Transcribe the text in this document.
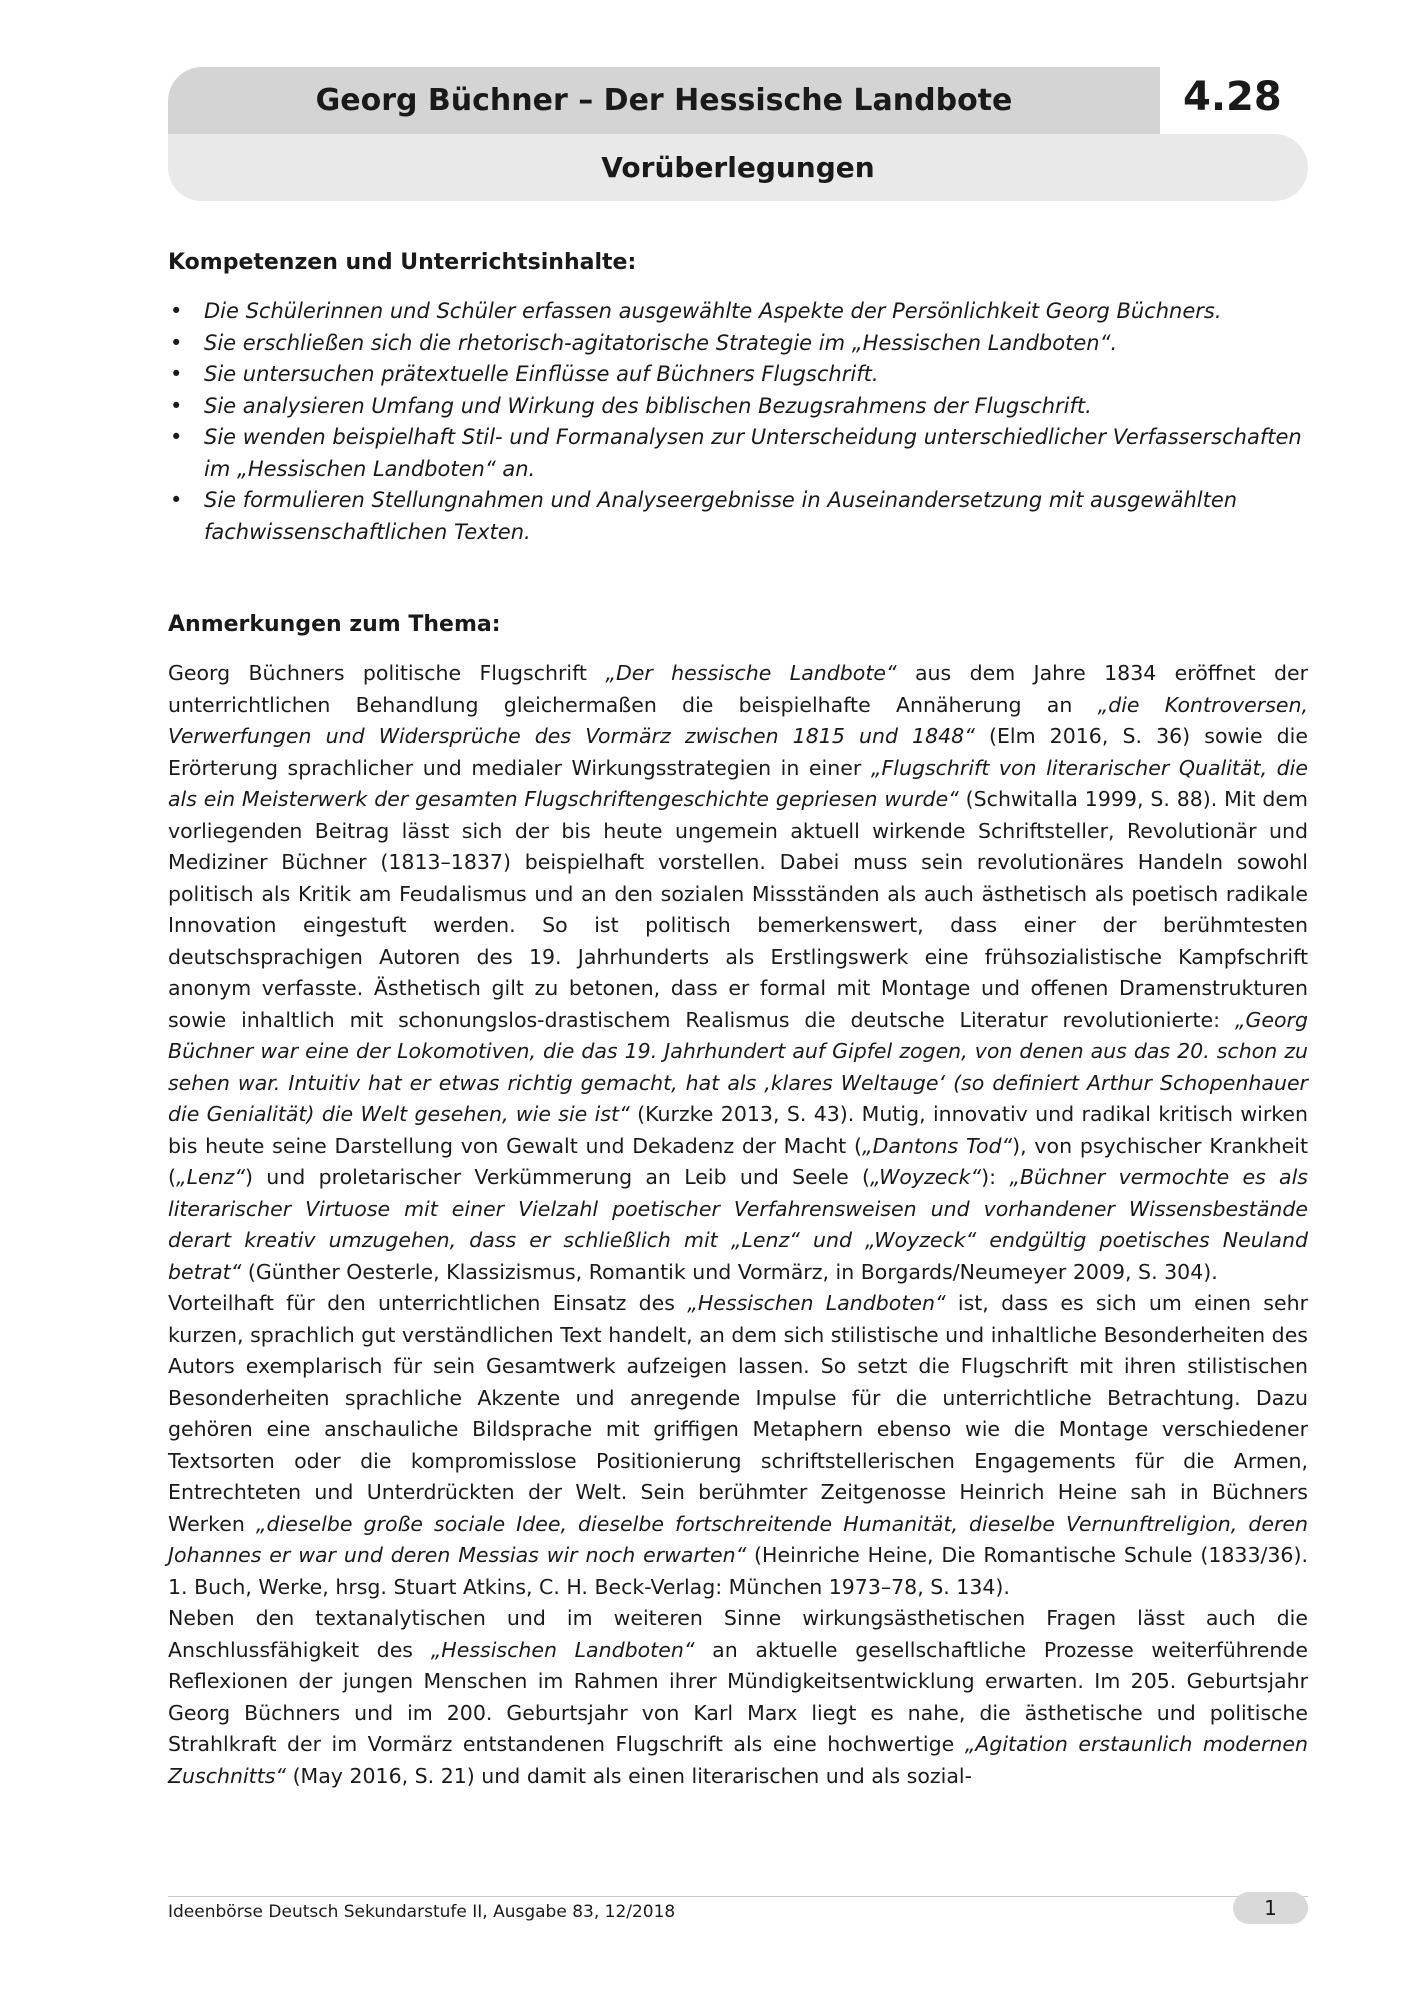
Georg Büchner – Der Hessische Landbote	4.28
Vorüberlegungen
Kompetenzen und Unterrichtsinhalte:
• Die Schülerinnen und Schüler erfassen ausgewählte Aspekte der Persönlichkeit Georg Büchners.
• Sie erschließen sich die rhetorisch-agitatorische Strategie im „Hessischen Landboten“.
• Sie untersuchen prätextuelle Einflüsse auf Büchners Flugschrift.
• Sie analysieren Umfang und Wirkung des biblischen Bezugsrahmens der Flugschrift.
• Sie wenden beispielhaft Stil- und Formanalysen zur Unterscheidung unterschiedlicher Verfasserschaften im „Hessischen Landboten“ an.
• Sie formulieren Stellungnahmen und Analyseergebnisse in Auseinandersetzung mit ausgewählten fachwissenschaftlichen Texten.
Anmerkungen zum Thema:

Georg Büchners politische Flugschrift „Der hessische Landbote“ aus dem Jahre 1834 eröffnet der unterrichtlichen Behandlung gleichermaßen die beispielhafte Annäherung an „die Kontroversen, Verwerfungen und Widersprüche des Vormärz zwischen 1815 und 1848“ (Elm 2016, S. 36) sowie die Erörterung sprachlicher und medialer Wirkungsstrategien in einer „Flugschrift von literarischer Qualität, die als ein Meisterwerk der gesamten Flugschriftengeschichte gepriesen wurde“ (Schwitalla 1999, S. 88). Mit dem vorliegenden Beitrag lässt sich der bis heute ungemein aktuell wirkende Schriftsteller, Revolutionär und Mediziner Büchner (1813–1837) beispielhaft vorstellen. Dabei muss sein revolutionäres Handeln sowohl politisch als Kritik am Feudalismus und an den sozialen Missständen als auch ästhetisch als poetisch radikale Innovation eingestuft werden. So ist politisch bemerkenswert, dass einer der berühmtesten deutschsprachigen Autoren des 19. Jahrhunderts als Erstlingswerk eine frühsozialistische Kampfschrift anonym verfasste. Ästhetisch gilt zu betonen, dass er formal mit Montage und offenen Dramenstrukturen sowie inhaltlich mit schonungslos-drastischem Realismus die deutsche Literatur revolutionierte: „Georg Büchner war eine der Lokomotiven, die das 19. Jahrhundert auf Gipfel zogen, von denen aus das 20. schon zu sehen war. Intuitiv hat er etwas richtig gemacht, hat als ‚klares Weltauge‘ (so definiert Arthur Schopenhauer die Genialität) die Welt gesehen, wie sie ist“ (Kurzke 2013, S. 43). Mutig, innovativ und radikal kritisch wirken bis heute seine Darstellung von Gewalt und Dekadenz der Macht („Dantons Tod“), von psychischer Krankheit („Lenz“) und proletarischer Verkümmerung an Leib und Seele („Woyzeck“): „Büchner vermochte es als literarischer Virtuose mit einer Vielzahl poetischer Verfahrensweisen und vorhandener Wissensbestände derart kreativ umzugehen, dass er schließlich mit „Lenz“ und „Woyzeck“ endgültig poetisches Neuland betrat“ (Günther Oesterle, Klassizismus, Romantik und Vormärz, in Borgards/Neumeyer 2009, S. 304).

Vorteilhaft für den unterrichtlichen Einsatz des „Hessischen Landboten“ ist, dass es sich um einen sehr kurzen, sprachlich gut verständlichen Text handelt, an dem sich stilistische und inhaltliche Besonderheiten des Autors exemplarisch für sein Gesamtwerk aufzeigen lassen. So setzt die Flugschrift mit ihren stilistischen Besonderheiten sprachliche Akzente und anregende Impulse für die unterrichtliche Betrachtung. Dazu gehören eine anschauliche Bildsprache mit griffigen Metaphern ebenso wie die Montage verschiedener Textsorten oder die kompromisslose Positionierung schriftstellerischen Engagements für die Armen, Entrechteten und Unterdrückten der Welt. Sein berühmter Zeitgenosse Heinrich Heine sah in Büchners Werken „dieselbe große sociale Idee, dieselbe fortschreitende Humanität, dieselbe Vernunftreligion, deren Johannes er war und deren Messias wir noch erwarten“ (Heinriche Heine, Die Romantische Schule (1833/36). 1. Buch, Werke, hrsg. Stuart Atkins, C. H. Beck-Verlag: München 1973–78, S. 134).

Neben den textanalytischen und im weiteren Sinne wirkungsästhetischen Fragen lässt auch die Anschlussfähigkeit des „Hessischen Landboten“ an aktuelle gesellschaftliche Prozesse weiterführende Reflexionen der jungen Menschen im Rahmen ihrer Mündigkeitsentwicklung erwarten. Im 205. Geburtsjahr Georg Büchners und im 200. Geburtsjahr von Karl Marx liegt es nahe, die ästhetische und politische Strahlkraft der im Vormärz entstandenen Flugschrift als eine hochwertige „Agitation erstaunlich modernen Zuschnitts“ (May 2016, S. 21) und damit als einen literarischen und als sozial-

Ideenbörse Deutsch Sekundarstufe II, Ausgabe 83, 12/2018	1
